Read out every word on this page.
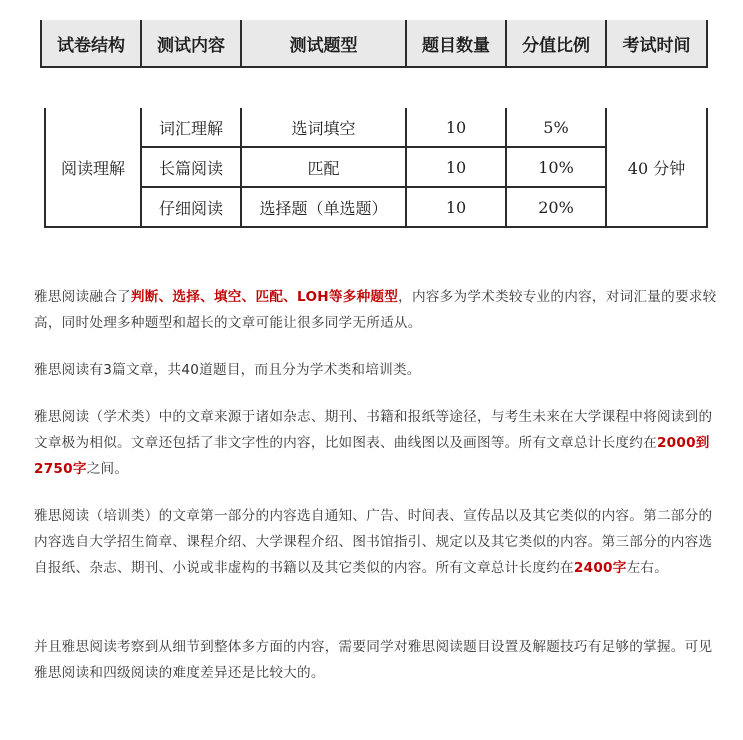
试卷结构	测试内容	测试题型	题目数量	分值比例	考试时间
阅读理解	词汇理解	选词填空	10	5%	40 分钟
	长篇阅读	匹配	10	10%	
	仔细阅读	选择题（单选题）	10	20%	

雅思阅读融合了判断、选择、填空、匹配、LOH等多种题型，内容多为学术类较专业的内容，对词汇量的要求较高，同时处理多种题型和超长的文章可能让很多同学无所适从。

雅思阅读有3篇文章，共40道题目，而且分为学术类和培训类。

雅思阅读（学术类）中的文章来源于诸如杂志、期刊、书籍和报纸等途径，与考生未来在大学课程中将阅读到的文章极为相似。文章还包括了非文字性的内容，比如图表、曲线图以及画图等。所有文章总计长度约在2000到2750字之间。

雅思阅读（培训类）的文章第一部分的内容选自通知、广告、时间表、宣传品以及其它类似的内容。第二部分的内容选自大学招生简章、课程介绍、大学课程介绍、图书馆指引、规定以及其它类似的内容。第三部分的内容选自报纸、杂志、期刊、小说或非虚构的书籍以及其它类似的内容。所有文章总计长度约在2400字左右。

并且雅思阅读考察到从细节到整体多方面的内容，需要同学对雅思阅读题目设置及解题技巧有足够的掌握。可见雅思阅读和四级阅读的难度差异还是比较大的。
